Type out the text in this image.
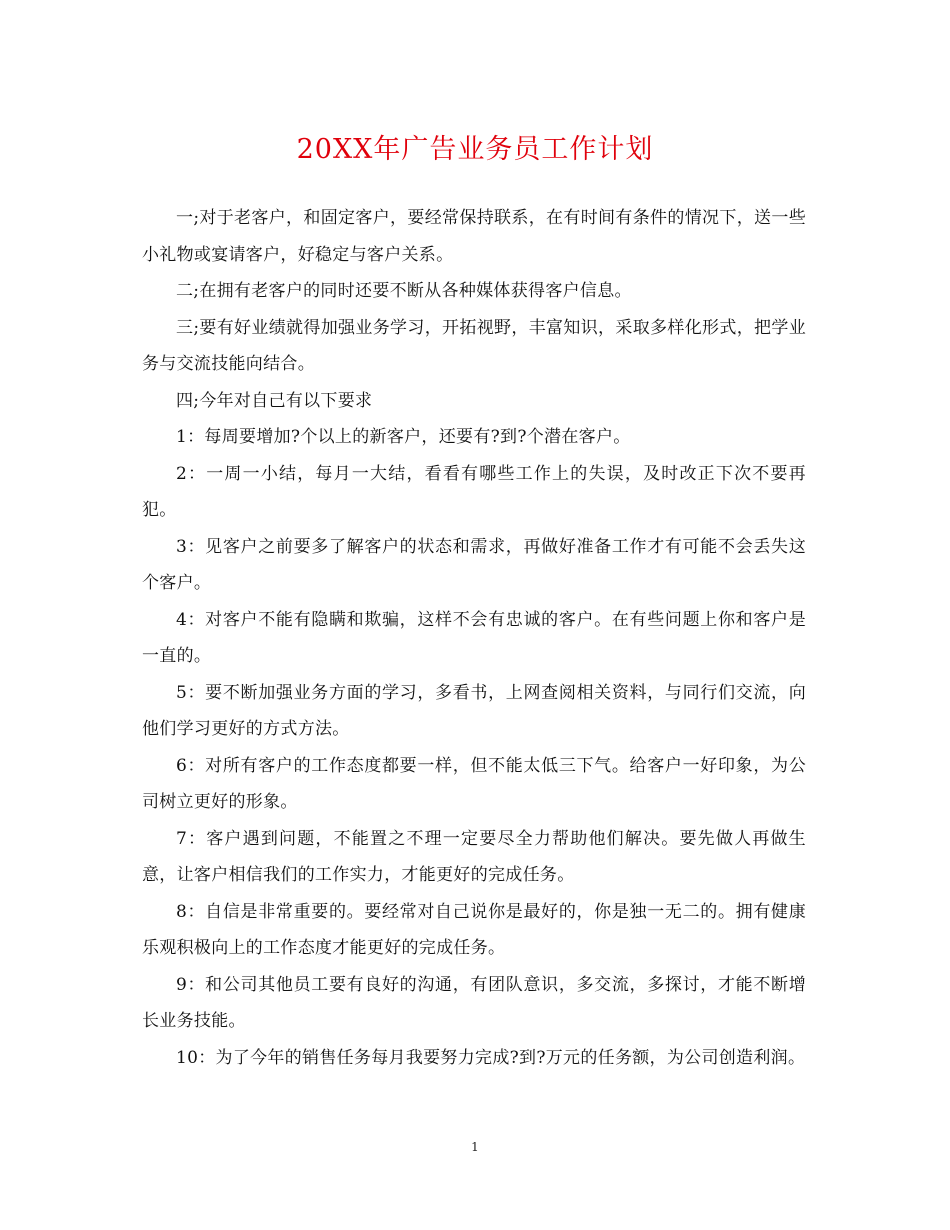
20XX年广告业务员工作计划

一;对于老客户，和固定客户，要经常保持联系，在有时间有条件的情况下，送一些小礼物或宴请客户，好稳定与客户关系。

二;在拥有老客户的同时还要不断从各种媒体获得客户信息。

三;要有好业绩就得加强业务学习，开拓视野，丰富知识，采取多样化形式，把学业务与交流技能向结合。

四;今年对自己有以下要求

1：每周要增加?个以上的新客户，还要有?到?个潜在客户。

2：一周一小结，每月一大结，看看有哪些工作上的失误，及时改正下次不要再犯。

3：见客户之前要多了解客户的状态和需求，再做好准备工作才有可能不会丢失这个客户。

4：对客户不能有隐瞒和欺骗，这样不会有忠诚的客户。在有些问题上你和客户是一直的。

5：要不断加强业务方面的学习，多看书，上网查阅相关资料，与同行们交流，向他们学习更好的方式方法。

6：对所有客户的工作态度都要一样，但不能太低三下气。给客户一好印象，为公司树立更好的形象。

7：客户遇到问题，不能置之不理一定要尽全力帮助他们解决。要先做人再做生意，让客户相信我们的工作实力，才能更好的完成任务。

8：自信是非常重要的。要经常对自己说你是最好的，你是独一无二的。拥有健康乐观积极向上的工作态度才能更好的完成任务。

9：和公司其他员工要有良好的沟通，有团队意识，多交流，多探讨，才能不断增长业务技能。

10：为了今年的销售任务每月我要努力完成?到?万元的任务额，为公司创造利润。

1
